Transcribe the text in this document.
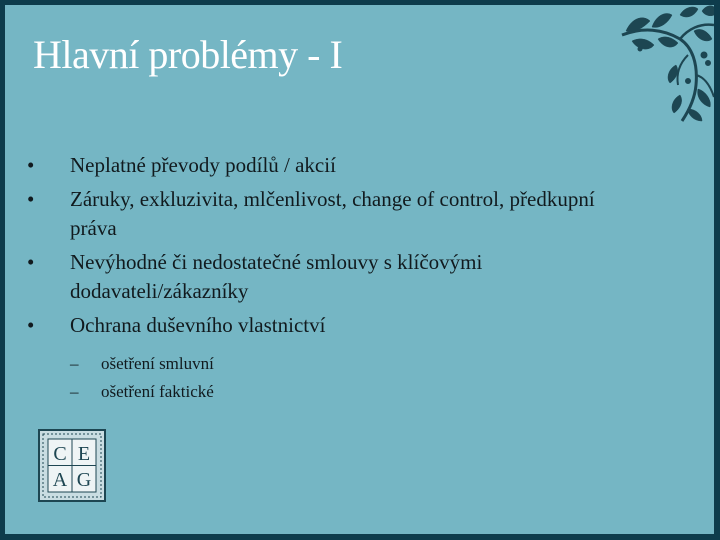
Hlavní problémy - I
•	Neplatné převody podílů / akcií
•	Záruky, exkluzivita, mlčenlivost, change of control, předkupní práva
•	Nevýhodné či nedostatečné smlouvy s klíčovými dodavateli/zákazníky
•	Ochrana duševního vlastnictví
– ošetření smluvní
– ošetření faktické
C E
A G
